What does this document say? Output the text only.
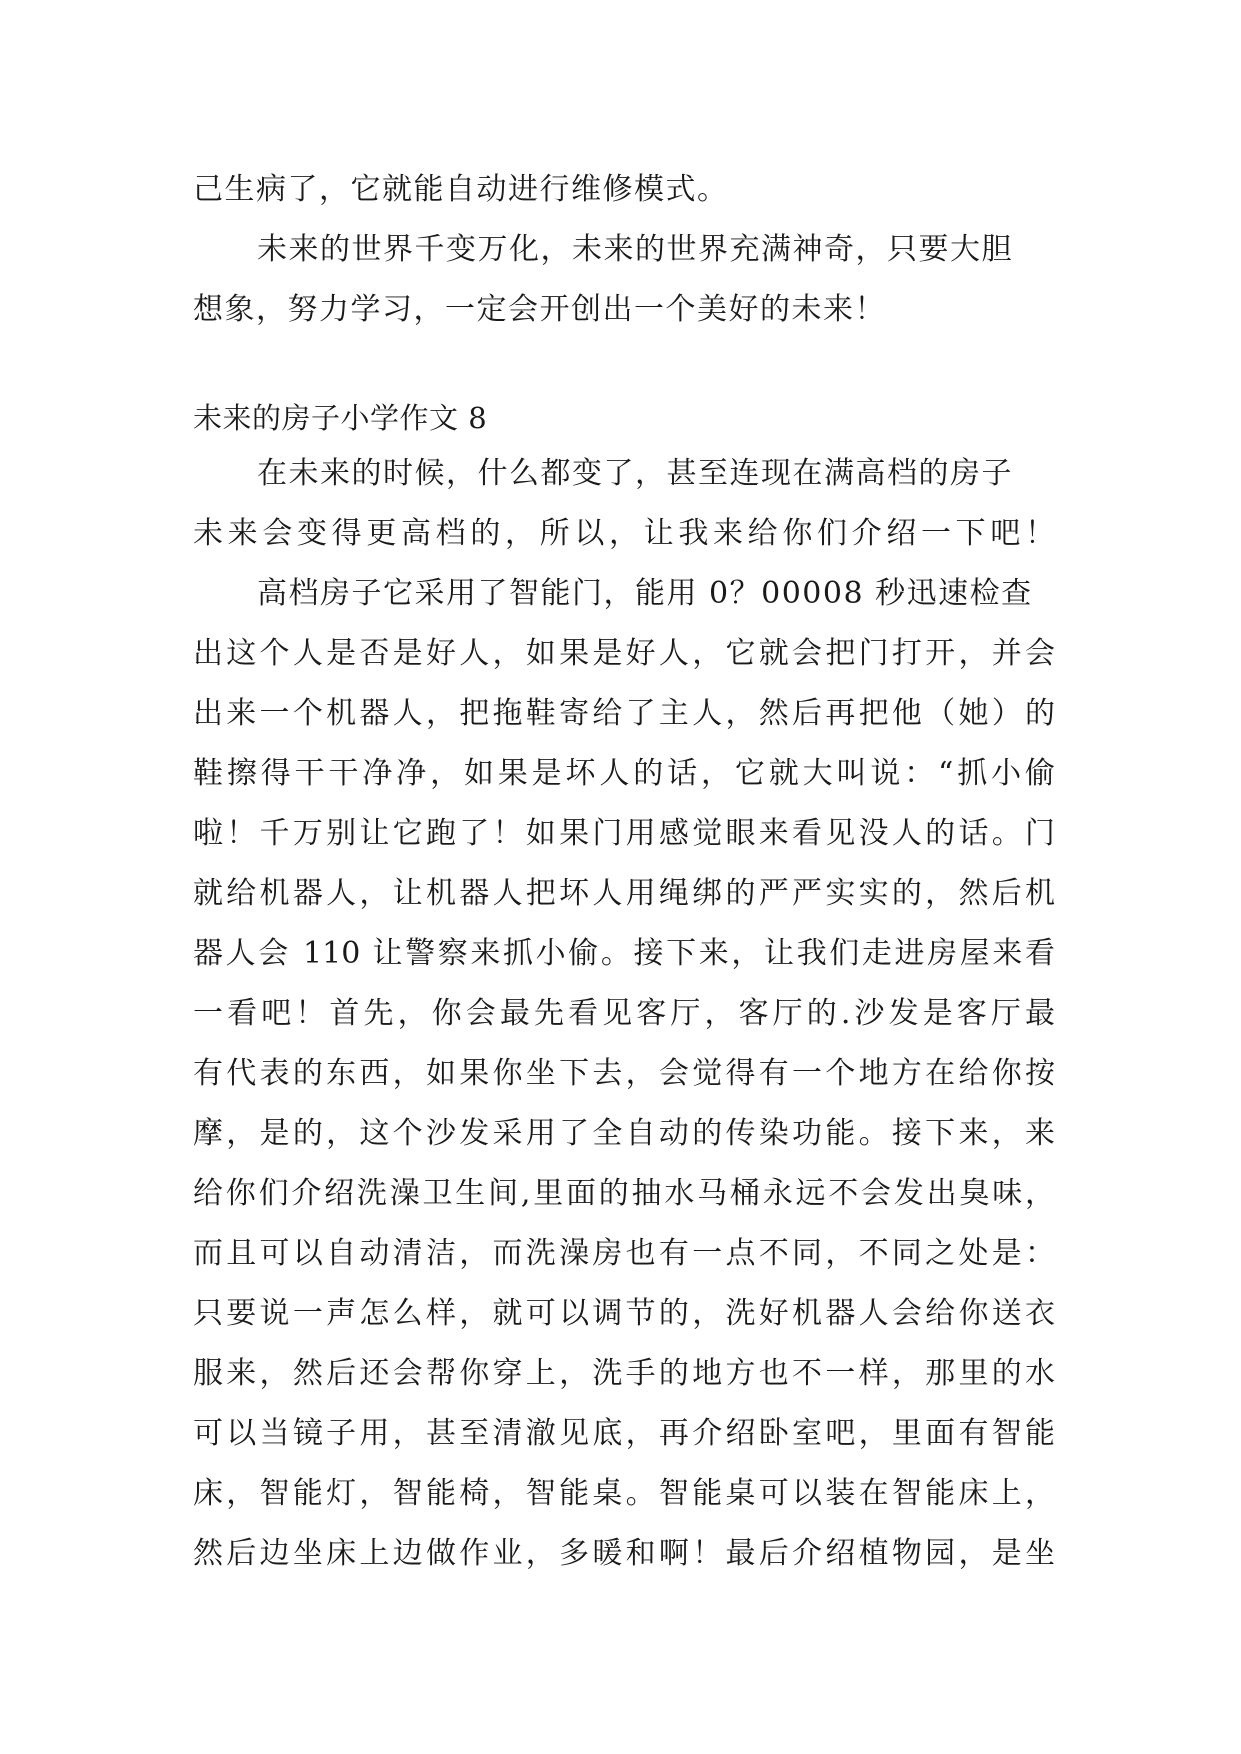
己生病了，它就能自动进行维修模式。
未来的世界千变万化，未来的世界充满神奇，只要大胆
想象，努力学习，一定会开创出一个美好的未来！
未来的房子小学作文 8
在未来的时候，什么都变了，甚至连现在满高档的房子
未来会变得更高档的，所以，让我来给你们介绍一下吧！
高档房子它采用了智能门，能用 0？00008 秒迅速检查
出这个人是否是好人，如果是好人，它就会把门打开，并会
出来一个机器人，把拖鞋寄给了主人，然后再把他（她）的
鞋擦得干干净净，如果是坏人的话，它就大叫说：“抓小偷
啦！千万别让它跑了！如果门用感觉眼来看见没人的话。门
就给机器人，让机器人把坏人用绳绑的严严实实的，然后机
器人会 110 让警察来抓小偷。接下来，让我们走进房屋来看
一看吧！首先，你会最先看见客厅，客厅的.沙发是客厅最
有代表的东西，如果你坐下去，会觉得有一个地方在给你按
摩，是的，这个沙发采用了全自动的传染功能。接下来，来
给你们介绍洗澡卫生间,里面的抽水马桶永远不会发出臭味，
而且可以自动清洁，而洗澡房也有一点不同，不同之处是：
只要说一声怎么样，就可以调节的，洗好机器人会给你送衣
服来，然后还会帮你穿上，洗手的地方也不一样，那里的水
可以当镜子用，甚至清澈见底，再介绍卧室吧，里面有智能
床，智能灯，智能椅，智能桌。智能桌可以装在智能床上，
然后边坐床上边做作业，多暖和啊！最后介绍植物园，是坐
